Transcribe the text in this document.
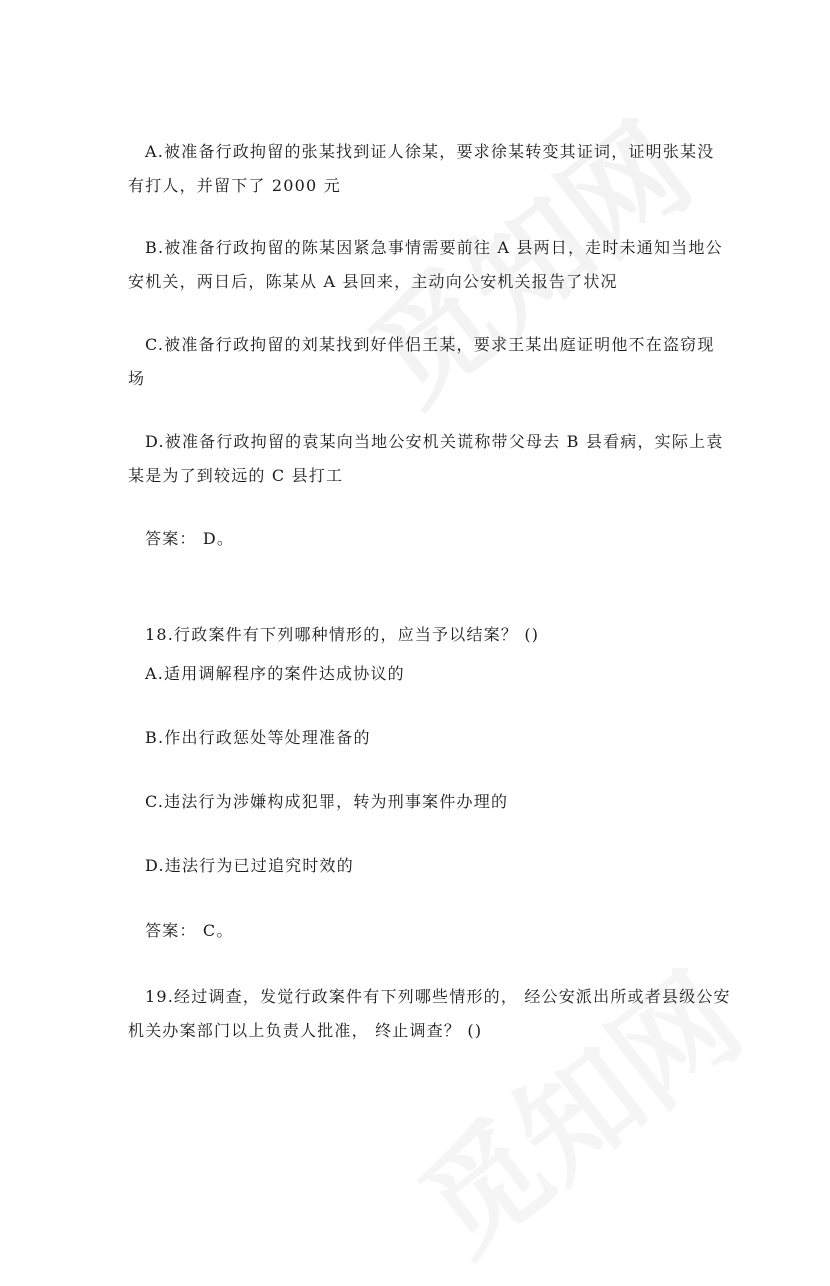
A.被准备行政拘留的张某找到证人徐某，要求徐某转变其证词，证明张某没
有打人，并留下了 2000 元
B.被准备行政拘留的陈某因紧急事情需要前往 A 县两日，走时未通知当地公
安机关，两日后，陈某从 A 县回来，主动向公安机关报告了状况
C.被准备行政拘留的刘某找到好伴侣王某，要求王某出庭证明他不在盗窃现
场
D.被准备行政拘留的袁某向当地公安机关谎称带父母去 B 县看病，实际上袁
某是为了到较远的 C 县打工
答案： D。
18.行政案件有下列哪种情形的，应当予以结案？ ()
A.适用调解程序的案件达成协议的
B.作出行政惩处等处理准备的
C.违法行为涉嫌构成犯罪，转为刑事案件办理的
D.违法行为已过追究时效的
答案： C。
19.经过调查，发觉行政案件有下列哪些情形的， 经公安派出所或者县级公安
机关办案部门以上负责人批准， 终止调查？ ()
